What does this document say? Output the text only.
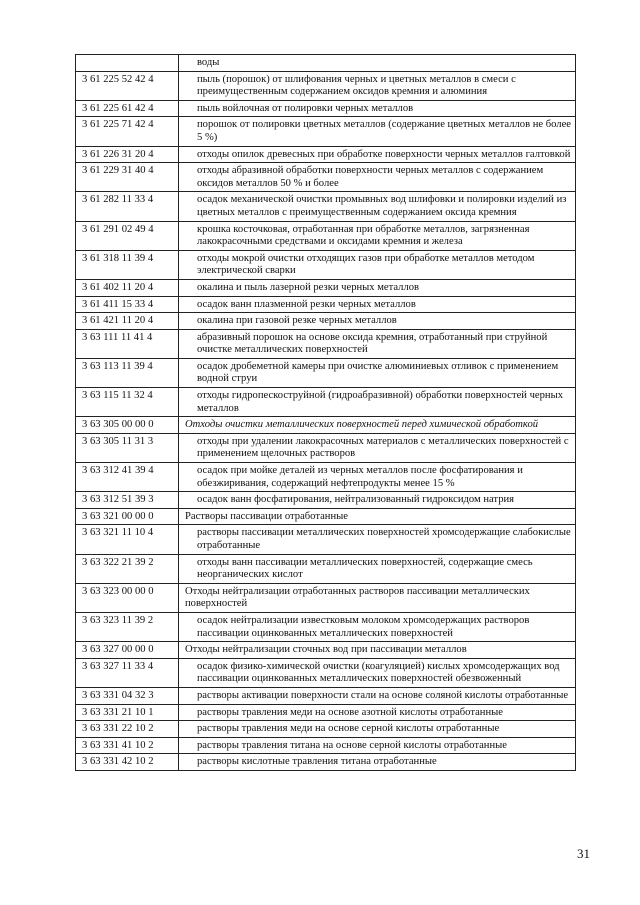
	воды
3 61 225 52 42 4	пыль (порошок) от шлифования черных и цветных металлов в смеси с преимущественным содержанием оксидов кремния и алюминия
3 61 225 61 42 4	пыль войлочная от полировки черных металлов
3 61 225 71 42 4	порошок от полировки цветных металлов (содержание цветных металлов не более 5 %)
3 61 226 31 20 4	отходы опилок древесных при обработке поверхности черных металлов галтовкой
3 61 229 31 40 4	отходы абразивной обработки поверхности черных металлов с содержанием оксидов металлов 50 % и более
3 61 282 11 33 4	осадок механической очистки промывных вод шлифовки и полировки изделий из цветных металлов с преимущественным содержанием оксида кремния
3 61 291 02 49 4	крошка косточковая, отработанная при обработке металлов, загрязненная лакокрасочными средствами и оксидами кремния и железа
3 61 318 11 39 4	отходы мокрой очистки отходящих газов при обработке металлов методом электрической сварки
3 61 402 11 20 4	окалина и пыль лазерной резки черных металлов
3 61 411 15 33 4	осадок ванн плазменной резки черных металлов
3 61 421 11 20 4	окалина при газовой резке черных металлов
3 63 111 11 41 4	абразивный порошок на основе оксида кремния, отработанный при струйной очистке металлических поверхностей
3 63 113 11 39 4	осадок дробеметной камеры при очистке алюминиевых отливок с применением водной струи
3 63 115 11 32 4	отходы гидропескоструйной (гидроабразивной) обработки поверхностей черных металлов
3 63 305 00 00 0	Отходы очистки металлических поверхностей перед химической обработкой
3 63 305 11 31 3	отходы при удалении лакокрасочных материалов с металлических поверхностей с применением щелочных растворов
3 63 312 41 39 4	осадок при мойке деталей из черных металлов после фосфатирования и обезжиривания, содержащий нефтепродукты менее 15 %
3 63 312 51 39 3	осадок ванн фосфатирования, нейтрализованный гидроксидом натрия
3 63 321 00 00 0	Растворы пассивации отработанные
3 63 321 11 10 4	растворы пассивации металлических поверхностей хромсодержащие слабокислые отработанные
3 63 322 21 39 2	отходы ванн пассивации металлических поверхностей, содержащие смесь неорганических кислот
3 63 323 00 00 0	Отходы нейтрализации отработанных растворов пассивации металлических поверхностей
3 63 323 11 39 2	осадок нейтрализации известковым молоком хромсодержащих растворов пассивации оцинкованных металлических поверхностей
3 63 327 00 00 0	Отходы нейтрализации сточных вод при пассивации металлов
3 63 327 11 33 4	осадок физико-химической очистки (коагуляцией) кислых хромсодержащих вод пассивации оцинкованных металлических поверхностей обезвоженный
3 63 331 04 32 3	растворы активации поверхности стали на основе соляной кислоты отработанные
3 63 331 21 10 1	растворы травления меди на основе азотной кислоты отработанные
3 63 331 22 10 2	растворы травления меди на основе серной кислоты отработанные
3 63 331 41 10 2	растворы травления титана на основе серной кислоты отработанные
3 63 331 42 10 2	растворы кислотные травления титана отработанные
31
